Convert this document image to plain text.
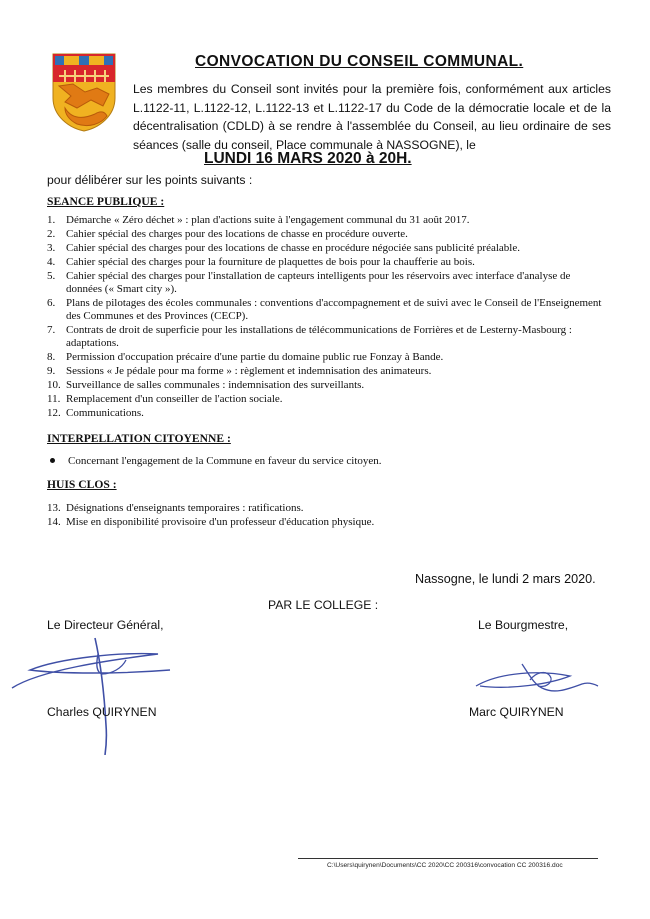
CONVOCATION DU CONSEIL COMMUNAL.
Les membres du Conseil sont invités pour la première fois, conformément aux articles L.1122-11, L.1122-12, L.1122-13 et L.1122-17 du Code de la démocratie locale et de la décentralisation (CDLD) à se rendre à l'assemblée du Conseil, au lieu ordinaire de ses séances (salle du conseil, Place communale à NASSOGNE), le
LUNDI 16 MARS 2020 à 20H.
pour délibérer sur les points suivants :
SEANCE PUBLIQUE :
1. Démarche « Zéro déchet » : plan d'actions suite à l'engagement communal du 31 août 2017.
2. Cahier spécial des charges pour des locations de chasse en procédure ouverte.
3. Cahier spécial des charges pour des locations de chasse en procédure négociée sans publicité préalable.
4. Cahier spécial des charges pour la fourniture de plaquettes de bois pour la chaufferie au bois.
5. Cahier spécial des charges pour l'installation de capteurs intelligents pour les réservoirs avec interface d'analyse de données (« Smart city »).
6. Plans de pilotages des écoles communales : conventions d'accompagnement et de suivi avec le Conseil de l'Enseignement des Communes et des Provinces (CECP).
7. Contrats de droit de superficie pour les installations de télécommunications de Forrières et de Lesterny-Masbourg : adaptations.
8. Permission d'occupation précaire d'une partie du domaine public rue Fonzay à Bande.
9. Sessions « Je pédale pour ma forme » : règlement et indemnisation des animateurs.
10. Surveillance de salles communales : indemnisation des surveillants.
11. Remplacement d'un conseiller de l'action sociale.
12. Communications.
INTERPELLATION CITOYENNE :
Concernant l'engagement de la Commune en faveur du service citoyen.
HUIS CLOS :
13. Désignations d'enseignants temporaires : ratifications.
14. Mise en disponibilité provisoire d'un professeur d'éducation physique.
Nassogne, le lundi 2 mars 2020.
PAR LE COLLEGE :
Le Directeur Général,	Le Bourgmestre,
Charles QUIRYNEN	Marc QUIRYNEN
C:\Users\quirynen\Documents\CC 2020\CC 200316\convocation CC 200316.doc
